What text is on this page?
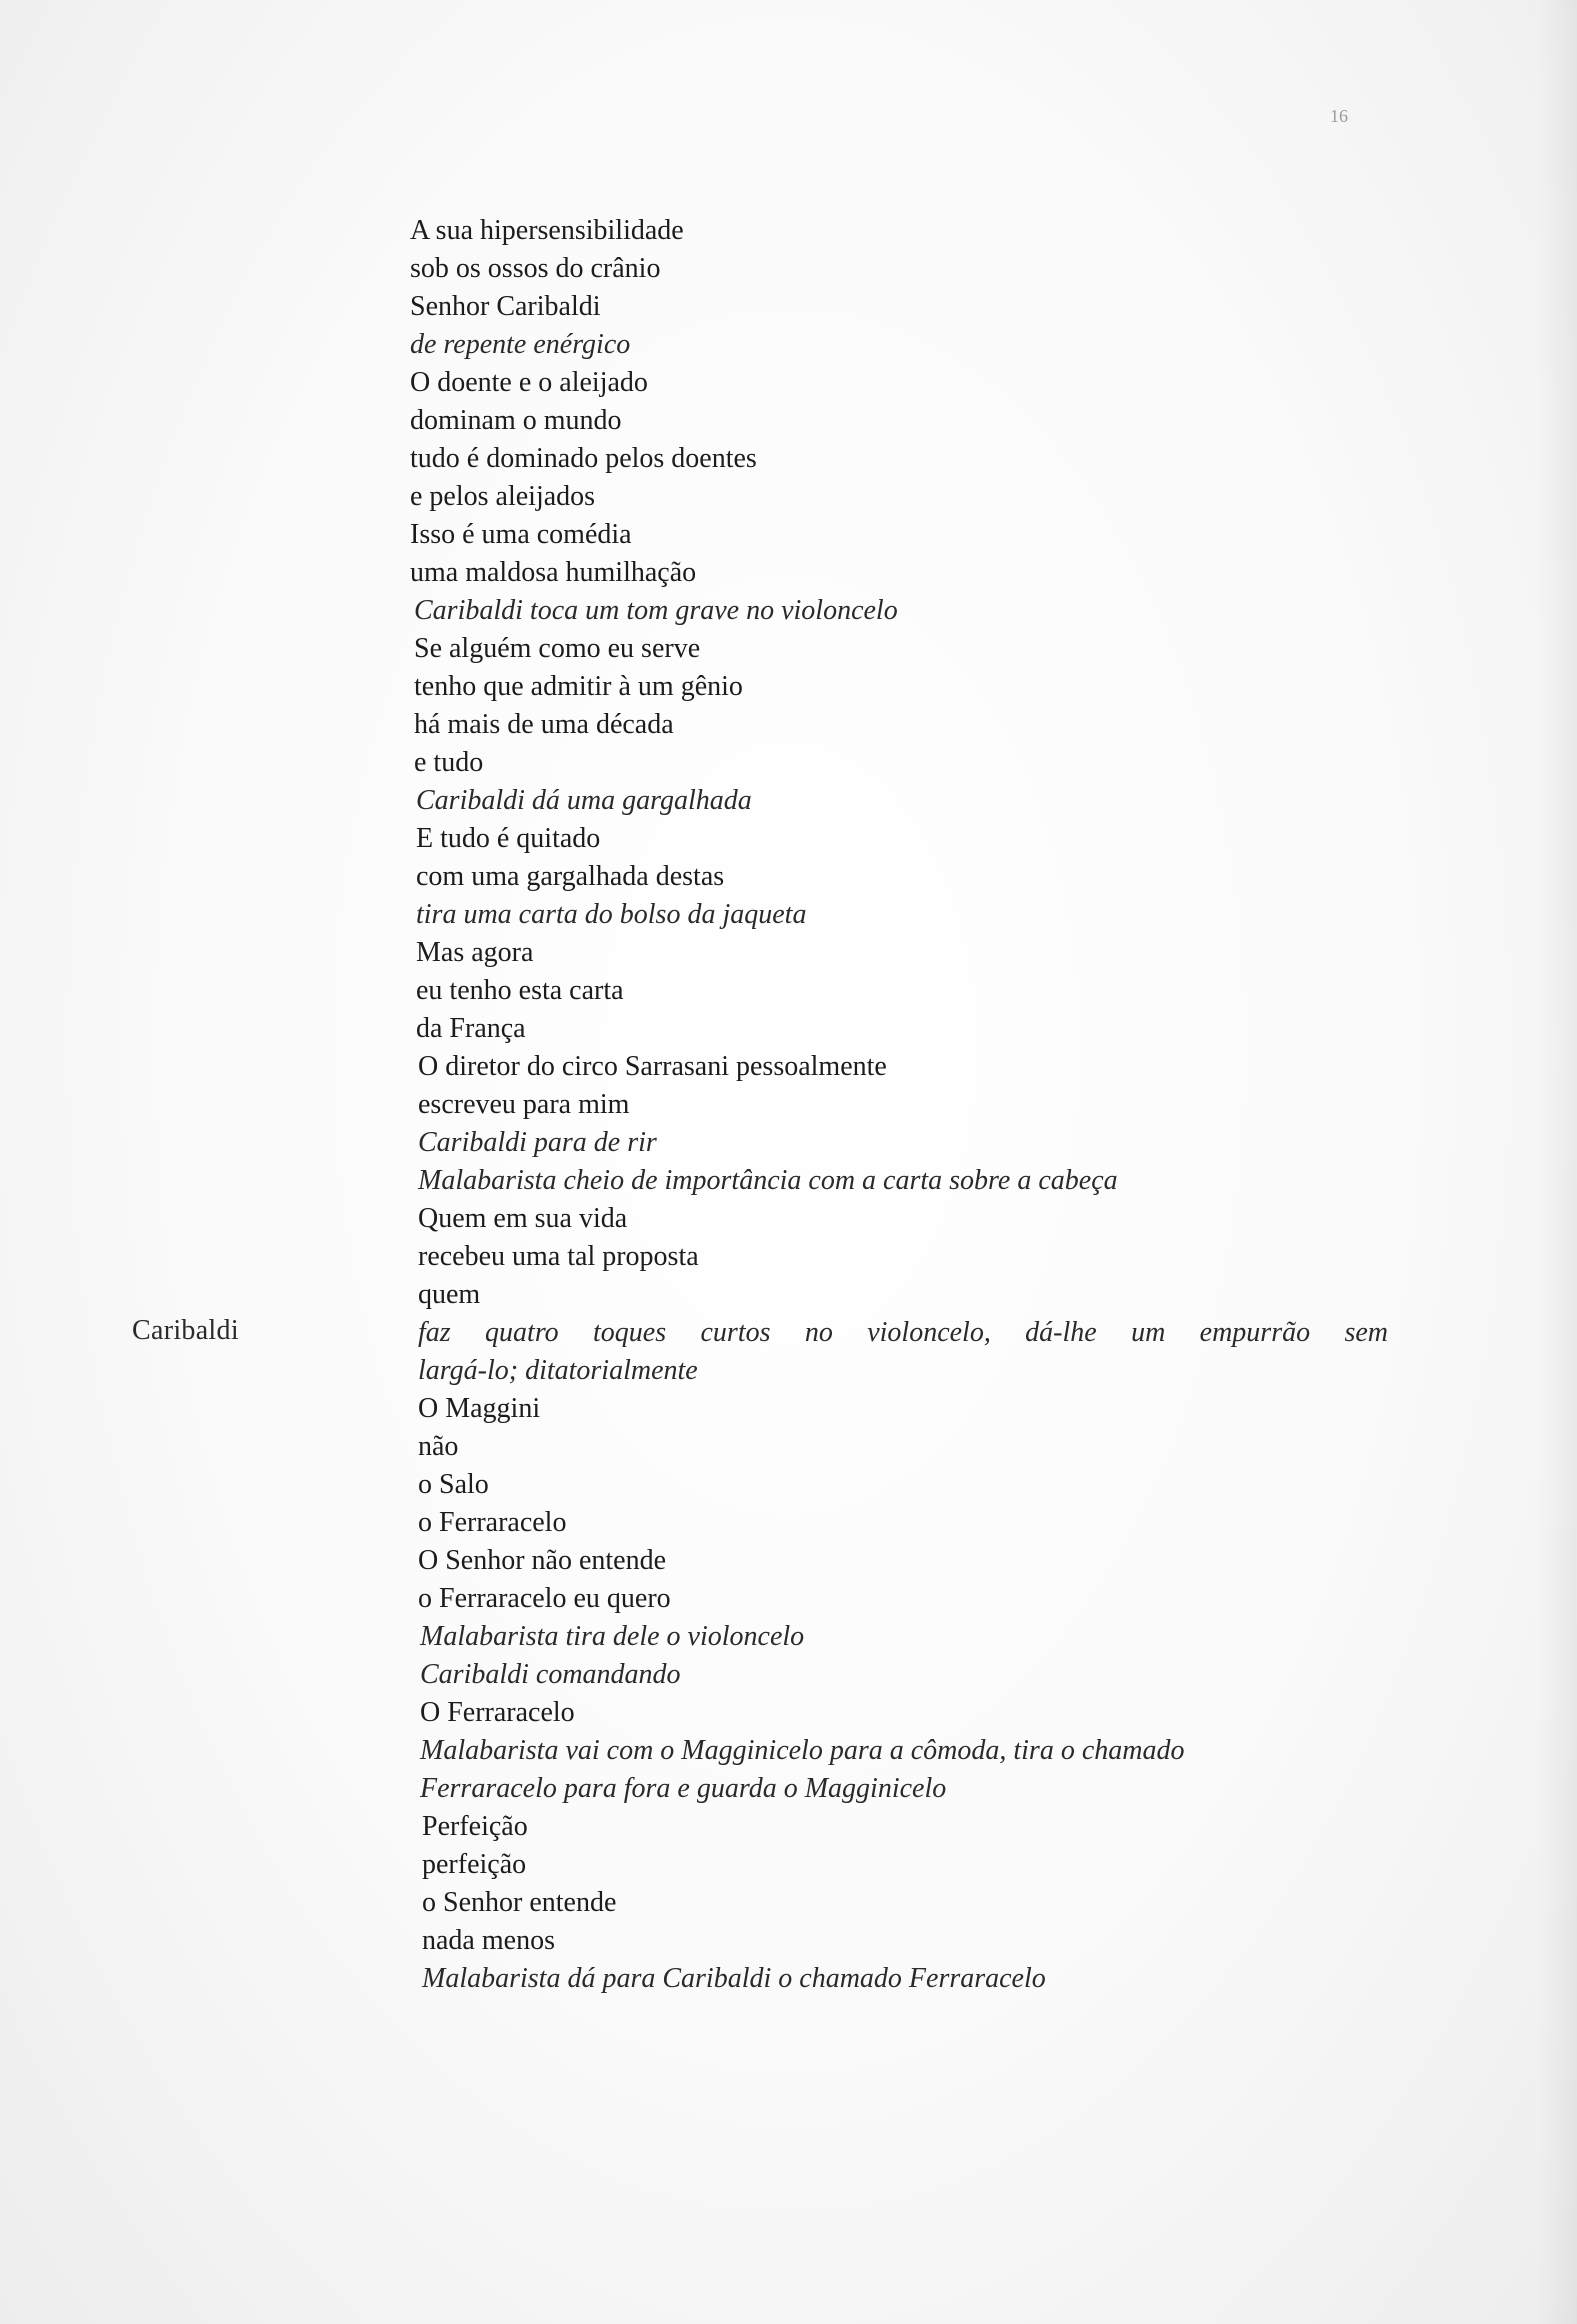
16
Caribaldi
A sua hipersensibilidade
sob os ossos do crânio
Senhor Caribaldi
de repente enérgico
O doente e o aleijado
dominam o mundo
tudo é dominado pelos doentes
e pelos aleijados
Isso é uma comédia
uma maldosa humilhação
Caribaldi toca um tom grave no violoncelo
Se alguém como eu serve
tenho que admitir à um gênio
há mais de uma década
e tudo
Caribaldi dá uma gargalhada
E tudo é quitado
com uma gargalhada destas
tira uma carta do bolso da jaqueta
Mas agora
eu tenho esta carta
da França
O diretor do circo Sarrasani pessoalmente
escreveu para mim
Caribaldi para de rir
Malabarista cheio de importância com a carta sobre a cabeça
Quem em sua vida
recebeu uma tal proposta
quem
faz quatro toques curtos no violoncelo, dá-lhe um empurrão sem
largá-lo; ditatorialmente
O Maggini
não
o Salo
o Ferraracelo
O Senhor não entende
o Ferraracelo eu quero
Malabarista tira dele o violoncelo
Caribaldi comandando
O Ferraracelo
Malabarista vai com o Magginicelo para a cômoda, tira o chamado
Ferraracelo para fora e guarda o Magginicelo
Perfeição
perfeição
o Senhor entende
nada menos
Malabarista dá para Caribaldi o chamado Ferraracelo
